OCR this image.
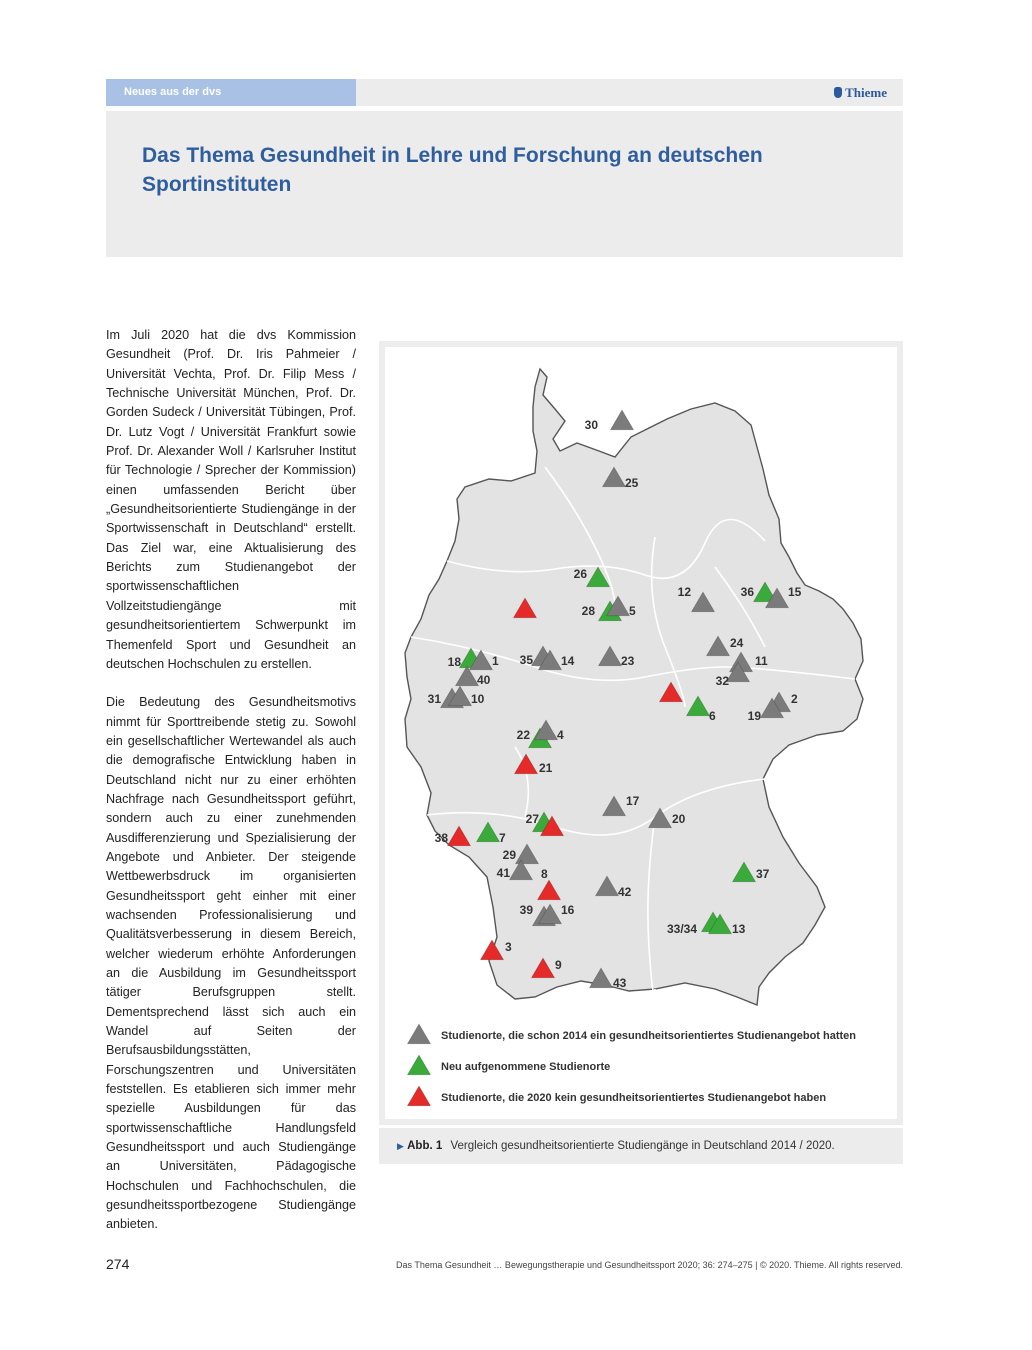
Neues aus der dvs	Thieme
Das Thema Gesundheit in Lehre und Forschung an deutschen Sportinstituten

Im Juli 2020 hat die dvs Kommission Gesundheit (Prof. Dr. Iris Pahmeier / Universität Vechta, Prof. Dr. Filip Mess / Technische Universität München, Prof. Dr. Gorden Sudeck / Universität Tübingen, Prof. Dr. Lutz Vogt / Universität Frankfurt sowie Prof. Dr. Alexander Woll / Karlsruher Institut für Technologie / Sprecher der Kommission) einen umfassenden Bericht über „Gesundheitsorientierte Studiengänge in der Sportwissenschaft in Deutschland“ erstellt. Das Ziel war, eine Aktualisierung des Berichts zum Studienangebot der sportwissenschaftlichen Vollzeitstudiengänge mit gesundheitsorientiertem Schwerpunkt im Themenfeld Sport und Gesundheit an deutschen Hochschulen zu erstellen.

Die Bedeutung des Gesundheitsmotivs nimmt für Sporttreibende stetig zu. Sowohl ein gesellschaftlicher Wertewandel als auch die demografische Entwicklung haben in Deutschland nicht nur zu einer erhöhten Nachfrage nach Gesundheitssport geführt, sondern auch zu einer zunehmenden Ausdifferenzierung und Spezialisierung der Angebote und Anbieter. Der steigende Wettbewerbsdruck im organisierten Gesundheitssport geht einher mit einer wachsenden Professionalisierung und Qualitätsverbesserung in diesem Bereich, welcher wiederum erhöhte Anforderungen an die Ausbildung im Gesundheitssport tätiger Berufsgruppen stellt. Dementsprechend lässt sich auch ein Wandel auf Seiten der Berufsausbildungsstätten, Forschungszentren und Universitäten feststellen. Es etablieren sich immer mehr spezielle Ausbildungen für das sportwissenschaftliche Handlungsfeld Gesundheitssport und auch Studiengänge an Universitäten, Pädagogische Hochschulen und Fachhochschulen, die gesundheitssportbezogene Studiengänge anbieten.

30
25
26
12	36	15
28	5
24
18	1 35 14	23	11
40	32
31	10	2
6	19
22 4
21
17
20
27
38	7
29
41	8	37
42
39 16
33/34	13
3
9
43
Studienorte, die schon 2014 ein gesundheitsorientiertes Studienangebot hatten
Neu aufgenommene Studienorte
Studienorte, die 2020 kein gesundheitsorientiertes Studienangebot haben
▶ Abb. 1 Vergleich gesundheitsorientierte Studiengänge in Deutschland 2014 / 2020.
274	Das Thema Gesundheit … Bewegungstherapie und Gesundheitssport 2020; 36: 274–275 | © 2020. Thieme. All rights reserved.
